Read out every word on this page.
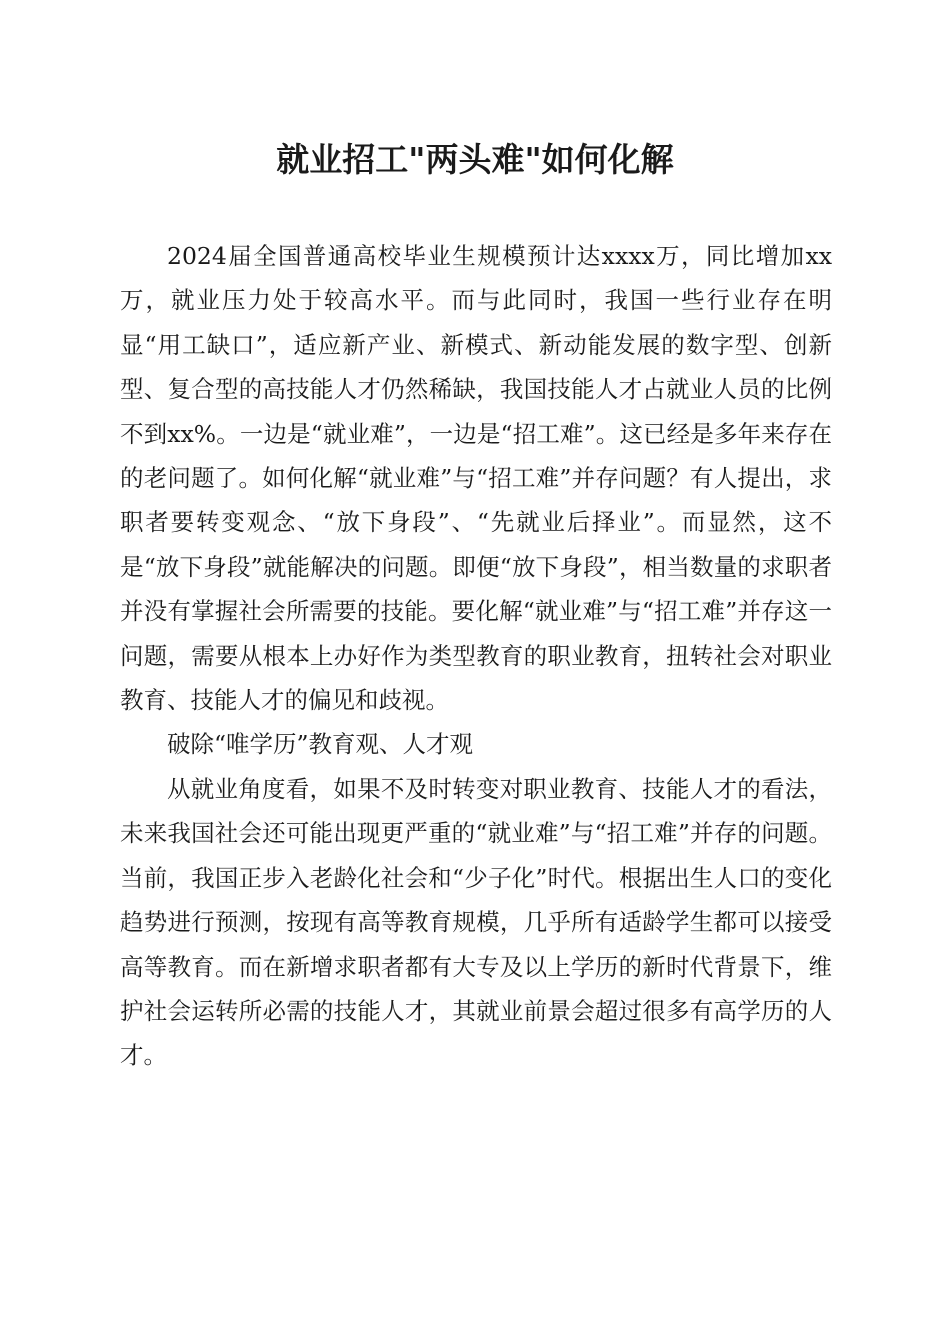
就业招工"两头难"如何化解

2024届全国普通高校毕业生规模预计达xxxx万，同比增加xx万，就业压力处于较高水平。而与此同时，我国一些行业存在明显“用工缺口”，适应新产业、新模式、新动能发展的数字型、创新型、复合型的高技能人才仍然稀缺，我国技能人才占就业人员的比例不到xx%。一边是“就业难”，一边是“招工难”。这已经是多年来存在的老问题了。如何化解“就业难”与“招工难”并存问题？有人提出，求职者要转变观念、“放下身段”、“先就业后择业”。而显然，这不是“放下身段”就能解决的问题。即便“放下身段”，相当数量的求职者并没有掌握社会所需要的技能。要化解“就业难”与“招工难”并存这一问题，需要从根本上办好作为类型教育的职业教育，扭转社会对职业教育、技能人才的偏见和歧视。

破除“唯学历”教育观、人才观

从就业角度看，如果不及时转变对职业教育、技能人才的看法，未来我国社会还可能出现更严重的“就业难”与“招工难”并存的问题。当前，我国正步入老龄化社会和“少子化”时代。根据出生人口的变化趋势进行预测，按现有高等教育规模，几乎所有适龄学生都可以接受高等教育。而在新增求职者都有大专及以上学历的新时代背景下，维护社会运转所必需的技能人才，其就业前景会超过很多有高学历的人才。
